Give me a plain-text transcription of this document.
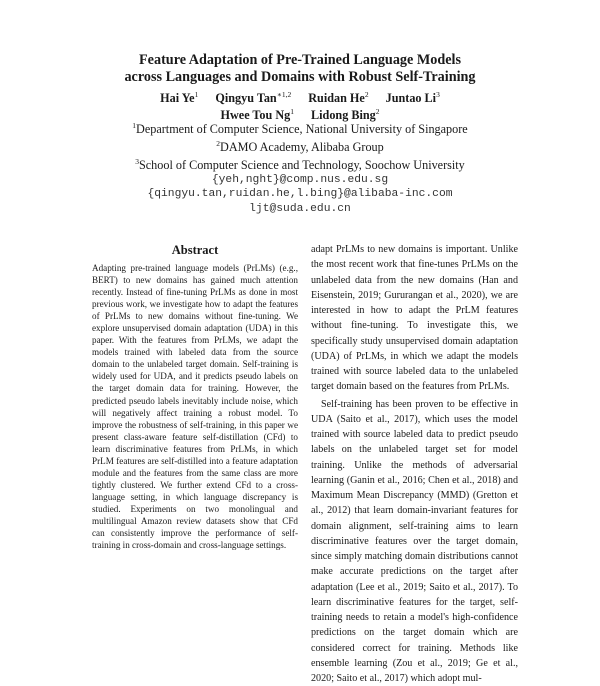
Feature Adaptation of Pre-Trained Language Models
across Languages and Domains with Robust Self-Training
Hai Ye$^1$ Qingyu Tan$^{∗1,2}$ Ruidan He$^2$ Juntao Li$^3$
Hwee Tou Ng$^1$ Lidong Bing$^2$
$^1$Department of Computer Science, National University of Singapore
$^2$DAMO Academy, Alibaba Group
$^3$School of Computer Science and Technology, Soochow University
{yeh,nght}@comp.nus.edu.sg
{qingyu.tan,ruidan.he,l.bing}@alibaba-inc.com
ljt@suda.edu.cn
Abstract

Adapting pre-trained language models (PrLMs) (e.g., BERT) to new domains has gained much attention recently. Instead of fine-tuning PrLMs as done in most previous work, we investigate how to adapt the features of PrLMs to new domains without fine-tuning. We explore unsupervised domain adaptation (UDA) in this paper. With the features from PrLMs, we adapt the models trained with labeled data from the source domain to the unlabeled target domain. Self-training is widely used for UDA, and it predicts pseudo labels on the target domain data for training. However, the predicted pseudo labels inevitably include noise, which will negatively affect training a robust model. To improve the robustness of self-training, in this paper we present class-aware feature self-distillation (CFd) to learn discriminative features from PrLMs, in which PrLM features are self-distilled into a feature adaptation module and the features from the same class are more tightly clustered. We further extend CFd to a cross-language setting, in which language discrepancy is studied. Experiments on two monolingual and multilingual Amazon review datasets show that CFd can consistently improve the performance of self-training in cross-domain and cross-language settings.

adapt PrLMs to new domains is important. Unlike the most recent work that fine-tunes PrLMs on the unlabeled data from the new domains (Han and Eisenstein, 2019; Gururangan et al., 2020), we are interested in how to adapt the PrLM features without fine-tuning. To investigate this, we specifically study unsupervised domain adaptation (UDA) of PrLMs, in which we adapt the models trained with source labeled data to the unlabeled target domain based on the features from PrLMs.

Self-training has been proven to be effective in UDA (Saito et al., 2017), which uses the model trained with source labeled data to predict pseudo labels on the unlabeled target set for model training. Unlike the methods of adversarial learning (Ganin et al., 2016; Chen et al., 2018) and Maximum Mean Discrepancy (MMD) (Gretton et al., 2012) that learn domain-invariant features for domain alignment, self-training aims to learn discriminative features over the target domain, since simply matching domain distributions cannot make accurate predictions on the target after adaptation (Lee et al., 2019; Saito et al., 2017). To learn discriminative features for the target, self-training needs to retain a model's high-confidence predictions on the target domain which are considered correct for training. Methods like ensemble learning (Zou et al., 2019; Ge et al., 2020; Saito et al., 2017) which adopt mul-
